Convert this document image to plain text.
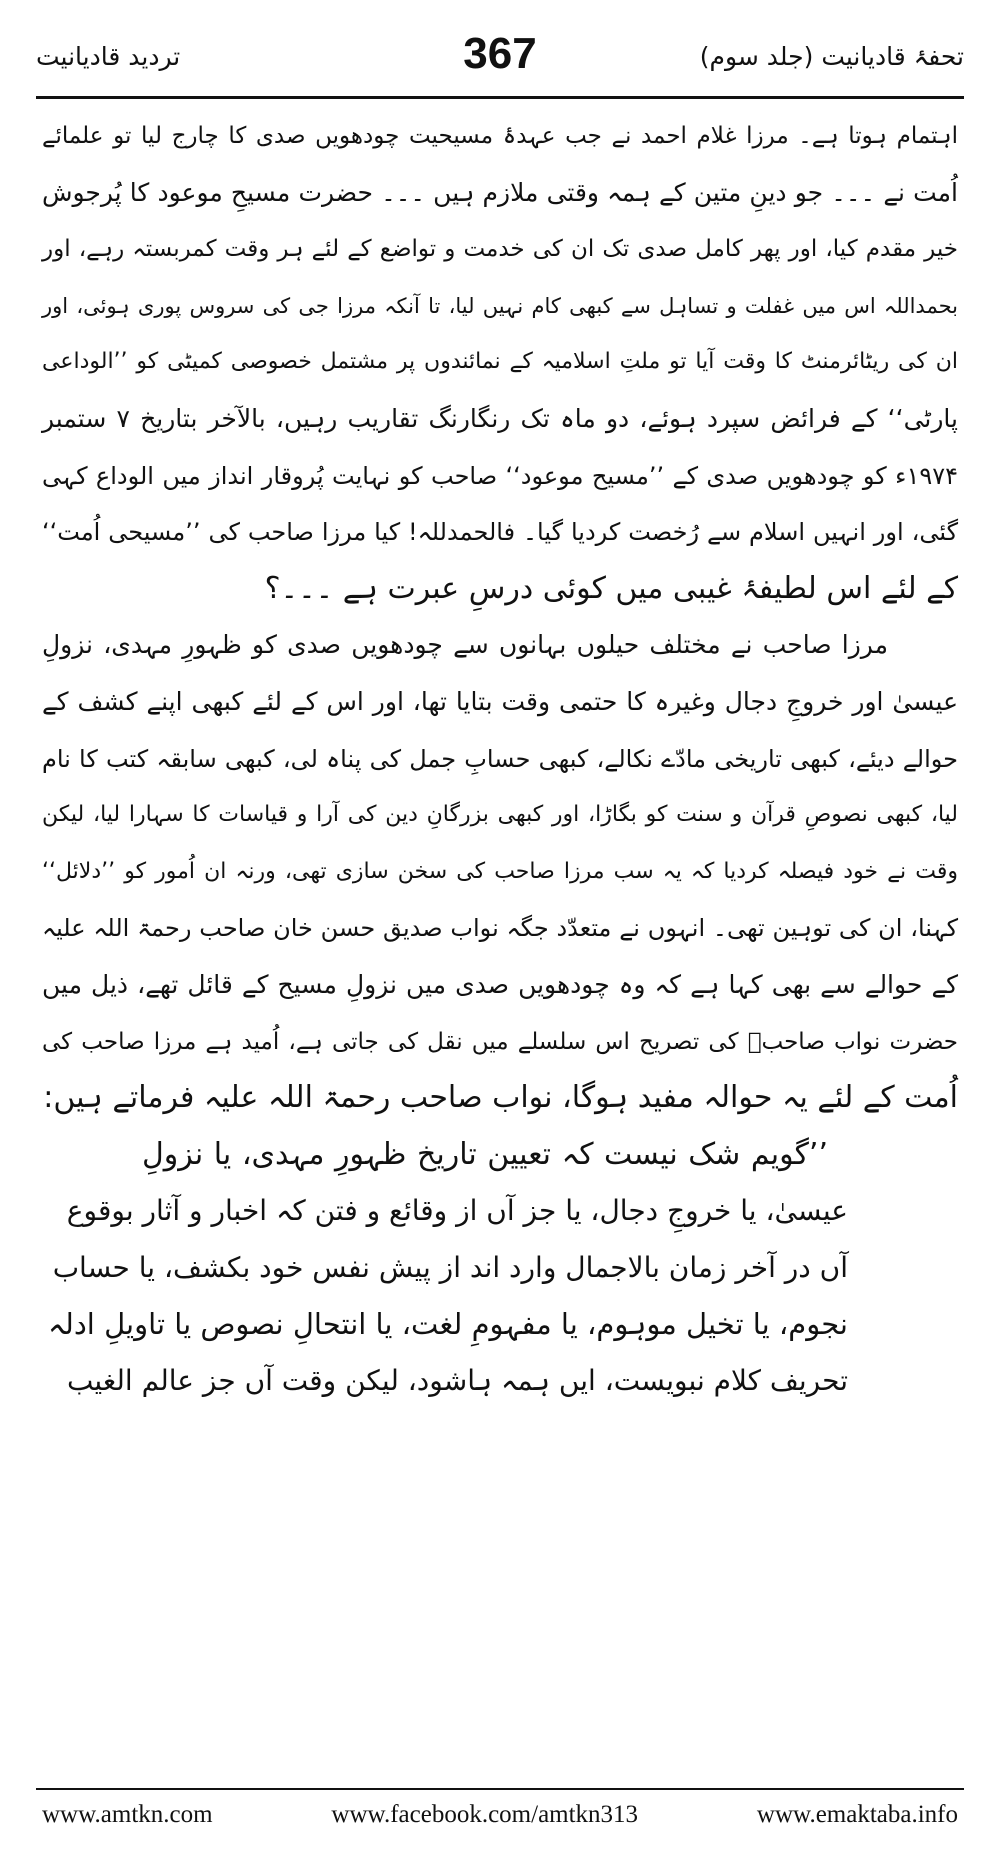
تردید قادیانیت	367	تحفۂ قادیانیت (جلد سوم)
اہتمام ہوتا ہے۔ مرزا غلام احمد نے جب عہدۂ مسیحیت چودھویں صدی کا چارج لیا تو علمائے
اُمت نے ۔۔۔ جو دینِ متین کے ہمہ وقتی ملازم ہیں ۔۔۔ حضرت مسیحِ موعود کا پُرجوش
خیر مقدم کیا، اور پھر کامل صدی تک ان کی خدمت و تواضع کے لئے ہر وقت کمربستہ رہے، اور
بحمداللہ اس میں غفلت و تساہل سے کبھی کام نہیں لیا، تا آنکہ مرزا جی کی سروس پوری ہوئی، اور
ان کی ریٹائرمنٹ کا وقت آیا تو ملتِ اسلامیہ کے نمائندوں پر مشتمل خصوصی کمیٹی کو ’’الوداعی
پارٹی‘‘ کے فرائض سپرد ہوئے، دو ماہ تک رنگارنگ تقاریب رہیں، بالآخر بتاریخ ۷ ستمبر
۱۹۷۴ء کو چودھویں صدی کے ’’مسیح موعود‘‘ صاحب کو نہایت پُروقار انداز میں الوداع کہی
گئی، اور انہیں اسلام سے رُخصت کردیا گیا۔ فالحمدللہ! کیا مرزا صاحب کی ’’مسیحی اُمت‘‘
کے لئے اس لطیفۂ غیبی میں کوئی درسِ عبرت ہے ۔۔۔؟
مرزا صاحب نے مختلف حیلوں بہانوں سے چودھویں صدی کو ظہورِ مہدی، نزولِ
عیسیٰ اور خروجِ دجال وغیرہ کا حتمی وقت بتایا تھا، اور اس کے لئے کبھی اپنے کشف کے
حوالے دیئے، کبھی تاریخی مادّے نکالے، کبھی حسابِ جمل کی پناہ لی، کبھی سابقہ کتب کا نام
لیا، کبھی نصوصِ قرآن و سنت کو بگاڑا، اور کبھی بزرگانِ دین کی آرا و قیاسات کا سہارا لیا، لیکن
وقت نے خود فیصلہ کردیا کہ یہ سب مرزا صاحب کی سخن سازی تھی، ورنہ ان اُمور کو ’’دلائل‘‘
کہنا، ان کی توہین تھی۔ انہوں نے متعدّد جگہ نواب صدیق حسن خان صاحب رحمۃ اللہ علیہ
کے حوالے سے بھی کہا ہے کہ وہ چودھویں صدی میں نزولِ مسیح کے قائل تھے، ذیل میں
حضرت نواب صاحبؒ کی تصریح اس سلسلے میں نقل کی جاتی ہے، اُمید ہے مرزا صاحب کی
اُمت کے لئے یہ حوالہ مفید ہوگا، نواب صاحب رحمۃ اللہ علیہ فرماتے ہیں:
’’گویم شک نیست کہ تعیین تاریخ ظہورِ مہدی، یا نزولِ
عیسیٰ، یا خروجِ دجال، یا جز آں از وقائع و فتن کہ اخبار و آثار بوقوع
آں در آخر زمان بالاجمال وارد اند از پیش نفس خود بکشف، یا حساب
نجوم، یا تخیل موہوم، یا مفہومِ لغت، یا انتحالِ نصوص یا تاویلِ ادلہ
تحریف کلام نبویست، ایں ہمہ ہاشود، لیکن وقت آں جز عالم الغیب
www.amtkn.com	www.facebook.com/amtkn313	www.emaktaba.info
